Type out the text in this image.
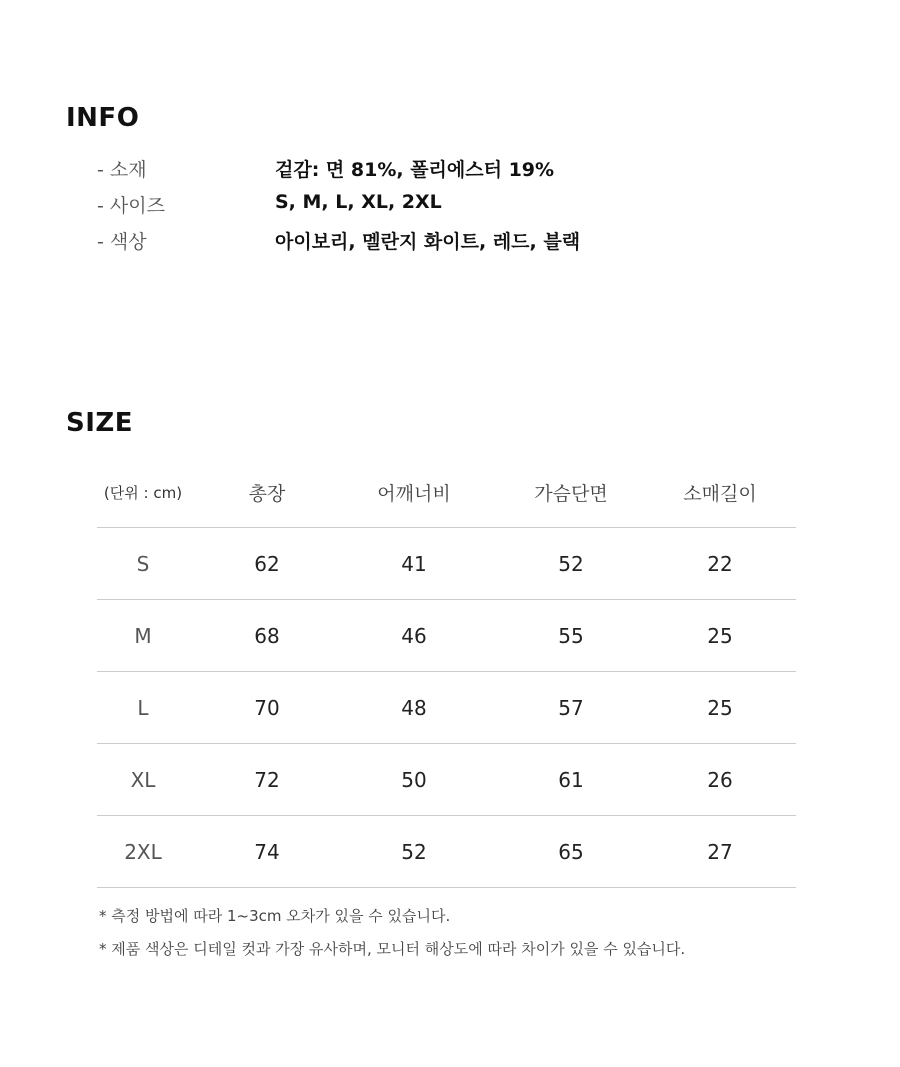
INFO
- 소재	겉감: 면 81%, 폴리에스터 19%
- 사이즈	S, M, L, XL, 2XL
- 색상	아이보리, 멜란지 화이트, 레드, 블랙
SIZE
(단위 : cm)	총장	어깨너비	가슴단면	소매길이
S	62	41	52	22
M	68	46	55	25
L	70	48	57	25
XL	72	50	61	26
2XL	74	52	65	27
* 측정 방법에 따라 1~3cm 오차가 있을 수 있습니다.
* 제품 색상은 디테일 컷과 가장 유사하며, 모니터 해상도에 따라 차이가 있을 수 있습니다.
